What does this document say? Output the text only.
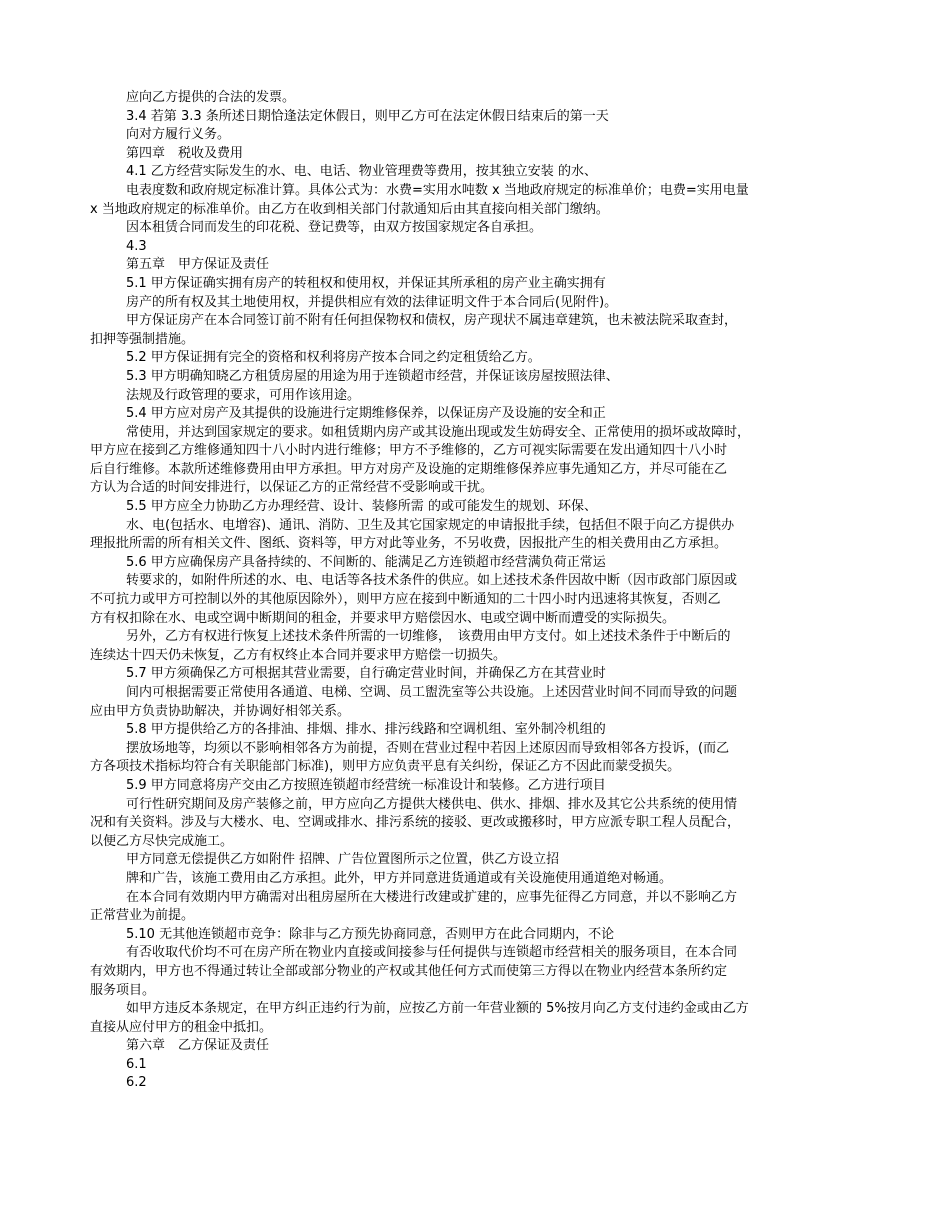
应向乙方提供的合法的发票。
3.4 若第 3.3 条所述日期恰逢法定休假日，则甲乙方可在法定休假日结束后的第一天
向对方履行义务。
第四章　税收及费用
4.1 乙方经营实际发生的水、电、电话、物业管理费等费用，按其独立安装 的水、
电表度数和政府规定标准计算。具体公式为：水费=实用水吨数 x 当地政府规定的标准单价；电费=实用电量
x 当地政府规定的标准单价。由乙方在收到相关部门付款通知后由其直接向相关部门缴纳。
因本租赁合同而发生的印花税、登记费等，由双方按国家规定各自承担。
4.3
第五章　甲方保证及责任
5.1 甲方保证确实拥有房产的转租权和使用权，并保证其所承租的房产业主确实拥有
房产的所有权及其土地使用权，并提供相应有效的法律证明文件于本合同后(见附件)。
甲方保证房产在本合同签订前不附有任何担保物权和债权，房产现状不属违章建筑，也未被法院采取查封，
扣押等强制措施。
5.2 甲方保证拥有完全的资格和权利将房产按本合同之约定租赁给乙方。
5.3 甲方明确知晓乙方租赁房屋的用途为用于连锁超市经营，并保证该房屋按照法律、
法规及行政管理的要求，可用作该用途。
5.4 甲方应对房产及其提供的设施进行定期维修保养，以保证房产及设施的安全和正
常使用，并达到国家规定的要求。如租赁期内房产或其设施出现或发生妨碍安全、正常使用的损坏或故障时，
甲方应在接到乙方维修通知四十八小时内进行维修；甲方不予维修的，乙方可视实际需要在发出通知四十八小时
后自行维修。本款所述维修费用由甲方承担。甲方对房产及设施的定期维修保养应事先通知乙方，并尽可能在乙
方认为合适的时间安排进行，以保证乙方的正常经营不受影响或干扰。
5.5 甲方应全力协助乙方办理经营、设计、装修所需 的或可能发生的规划、环保、
水、电(包括水、电增容)、通讯、消防、卫生及其它国家规定的申请报批手续，包括但不限于向乙方提供办
理报批所需的所有相关文件、图纸、资料等，甲方对此等业务，不另收费，因报批产生的相关费用由乙方承担。
5.6 甲方应确保房产具备持续的、不间断的、能满足乙方连锁超市经营满负荷正常运
转要求的，如附件所述的水、电、电话等各技术条件的供应。如上述技术条件因故中断（因市政部门原因或
不可抗力或甲方可控制以外的其他原因除外），则甲方应在接到中断通知的二十四小时内迅速将其恢复，否则乙
方有权扣除在水、电或空调中断期间的租金，并要求甲方赔偿因水、电或空调中断而遭受的实际损失。
另外，乙方有权进行恢复上述技术条件所需的一切维修，　该费用由甲方支付。如上述技术条件于中断后的
连续达十四天仍未恢复，乙方有权终止本合同并要求甲方赔偿一切损失。
5.7 甲方须确保乙方可根据其营业需要，自行确定营业时间，并确保乙方在其营业时
间内可根据需要正常使用各通道、电梯、空调、员工盥洗室等公共设施。上述因营业时间不同而导致的问题
应由甲方负责协助解决，并协调好相邻关系。
5.8 甲方提供给乙方的各排油、排烟、排水、排污线路和空调机组、室外制冷机组的
摆放场地等，均须以不影响相邻各方为前提，否则在营业过程中若因上述原因而导致相邻各方投诉，(而乙
方各项技术指标均符合有关职能部门标准)，则甲方应负责平息有关纠纷，保证乙方不因此而蒙受损失。
5.9 甲方同意将房产交由乙方按照连锁超市经营统一标准设计和装修。乙方进行项目
可行性研究期间及房产装修之前，甲方应向乙方提供大楼供电、供水、排烟、排水及其它公共系统的使用情
况和有关资料。涉及与大楼水、电、空调或排水、排污系统的接驳、更改或搬移时，甲方应派专职工程人员配合，
以便乙方尽快完成施工。
甲方同意无偿提供乙方如附件 招牌、广告位置图所示之位置，供乙方设立招
牌和广告，该施工费用由乙方承担。此外，甲方并同意进货通道或有关设施使用通道绝对畅通。
在本合同有效期内甲方确需对出租房屋所在大楼进行改建或扩建的，应事先征得乙方同意，并以不影响乙方
正常营业为前提。
5.10 无其他连锁超市竞争：除非与乙方预先协商同意，否则甲方在此合同期内，不论
有否收取代价均不可在房产所在物业内直接或间接参与任何提供与连锁超市经营相关的服务项目，在本合同
有效期内，甲方也不得通过转让全部或部分物业的产权或其他任何方式而使第三方得以在物业内经营本条所约定
服务项目。
如甲方违反本条规定，在甲方纠正违约行为前，应按乙方前一年营业额的 5%按月向乙方支付违约金或由乙方
直接从应付甲方的租金中抵扣。
第六章　乙方保证及责任
6.1
6.2
